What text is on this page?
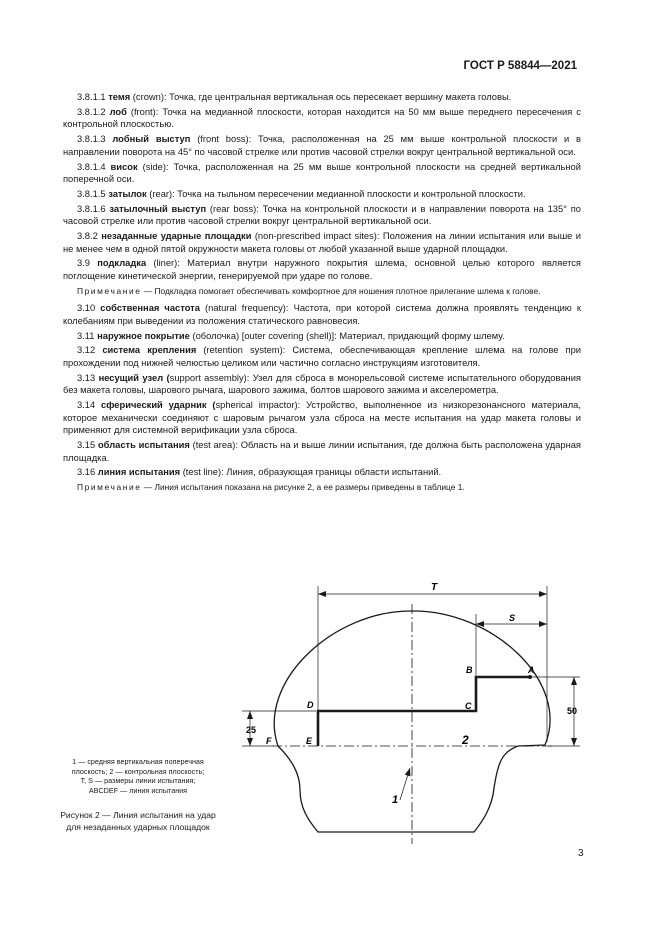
ГОСТ Р 58844—2021

3.8.1.1 темя (crown): Точка, где центральная вертикальная ось пересекает вершину макета головы.

3.8.1.2 лоб (front): Точка на медианной плоскости, которая находится на 50 мм выше переднего пересечения с контрольной плоскостью.

3.8.1.3 лобный выступ (front boss): Точка, расположенная на 25 мм выше контрольной плоскости и в направлении поворота на 45° по часовой стрелке или против часовой стрелки вокруг центральной вертикальной оси.

3.8.1.4 висок (side): Точка, расположенная на 25 мм выше контрольной плоскости на средней вертикальной поперечной оси.

3.8.1.5 затылок (rear): Точка на тыльном пересечении медианной плоскости и контрольной плоскости.

3.8.1.6 затылочный выступ (rear boss): Точка на контрольной плоскости и в направлении поворота на 135° по часовой стрелке или против часовой стрелки вокруг центральной вертикальной оси.

3.8.2 незаданные ударные площадки (non-prescribed impact sites): Положения на линии испытания или выше и не менее чем в одной пятой окружности макета головы от любой указанной выше ударной площадки.

3.9 подкладка (liner): Материал внутри наружного покрытия шлема, основной целью которого является поглощение кинетической энергии, генерируемой при ударе по голове.

Примечание — Подкладка помогает обеспечивать комфортное для ношения плотное прилегание шлема к голове.

3.10 собственная частота (natural frequency): Частота, при которой система должна проявлять тенденцию к колебаниям при выведении из положения статического равновесия.

3.11 наружное покрытие (оболочка) [outer covering (shell)]: Материал, придающий форму шлему.

3.12 система крепления (retention system): Система, обеспечивающая крепление шлема на голове при прохождении под нижней челюстью целиком или частично согласно инструкциям изготовителя.

3.13 несущий узел (support assembly): Узел для сброса в монорельсовой системе испытательного оборудования без макета головы, шарового рычага, шарового зажима, болтов шарового зажима и акселерометра.

3.14 сферический ударник (spherical impactor): Устройство, выполненное из низкорезонансного материала, которое механически соединяют с шаровым рычагом узла сброса на месте испытания на удар макета головы и применяют для системной верификации узла сброса.

3.15 область испытания (test area): Область на и выше линии испытания, где должна быть расположена ударная площадка.

3.16 линия испытания (test line): Линия, образующая границы области испытаний.

Примечание — Линия испытания показана на рисунке 2, а ее размеры приведены в таблице 1.

T
S
50
25
1
2
A
B
C
D
E
F
1 — средняя вертикальная поперечная
плоскость; 2 — контрольная плоскость;
T, S — размеры линии испытания;
ABCDEF — линия испытания
Рисунок 2 — Линия испытания на удар
для незаданных ударных площадок
3
